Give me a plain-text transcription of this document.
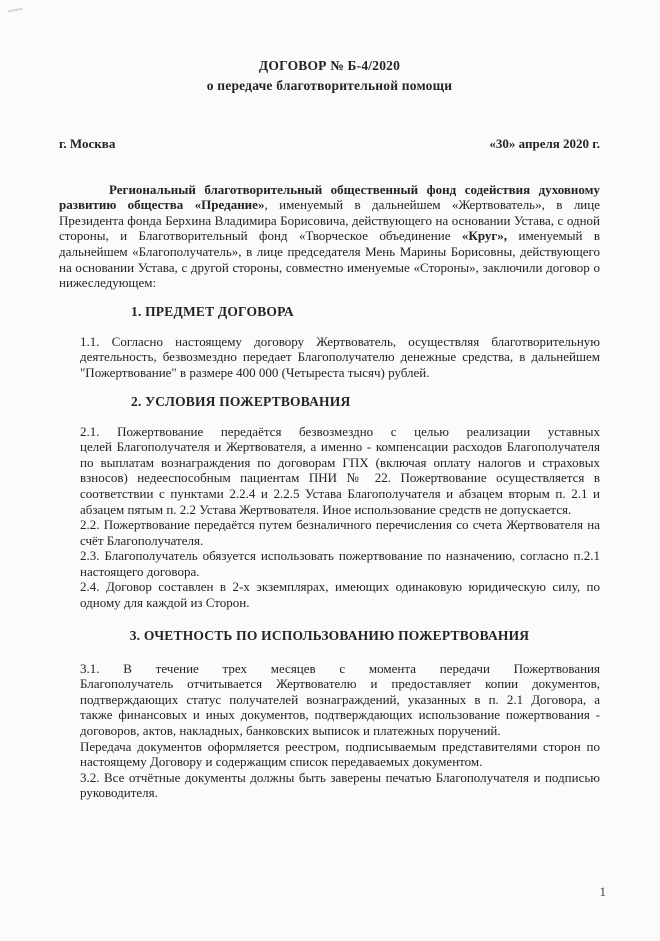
ДОГОВОР № Б-4/2020
о передаче благотворительной помощи
г. Москва	«30» апреля 2020 г.
Региональный благотворительный общественный фонд содействия духовному развитию общества «Предание», именуемый в дальнейшем «Жертвователь», в лице Президента фонда Берхина Владимира Борисовича, действующего на основании Устава, с одной стороны, и Благотворительный фонд «Творческое объединение «Круг», именуемый в дальнейшем «Благополучатель», в лице председателя Мень Марины Борисовны, действующего на основании Устава, с другой стороны, совместно именуемые «Стороны», заключили договор о нижеследующем:
1. ПРЕДМЕТ ДОГОВОРА
1.1. Согласно настоящему договору Жертвователь, осуществляя благотворительную деятельность, безвозмездно передает Благополучателю денежные средства, в дальнейшем "Пожертвование" в размере 400 000 (Четыреста тысяч) рублей.
2. УСЛОВИЯ ПОЖЕРТВОВАНИЯ
2.1. Пожертвование передаётся безвозмездно с целью реализации уставных целей Благополучателя и Жертвователя, а именно - компенсации расходов Благополучателя по выплатам вознаграждения по договорам ГПХ (включая оплату налогов и страховых взносов) недееспособным пациентам ПНИ № 22. Пожертвование осуществляется в соответствии с пунктами 2.2.4 и 2.2.5 Устава Благополучателя и абзацем вторым п. 2.1 и абзацем пятым п. 2.2 Устава Жертвователя. Иное использование средств не допускается.
2.2. Пожертвование передаётся путем безналичного перечисления со счета Жертвователя на счёт Благополучателя.
2.3. Благополучатель обязуется использовать пожертвование по назначению, согласно п.2.1 настоящего договора.
2.4. Договор составлен в 2-х экземплярах, имеющих одинаковую юридическую силу, по одному для каждой из Сторон.
3. ОЧЕТНОСТЬ ПО ИСПОЛЬЗОВАНИЮ ПОЖЕРТВОВАНИЯ
3.1. В течение трех месяцев с момента передачи Пожертвования Благополучатель отчитывается Жертвователю и предоставляет копии документов, подтверждающих статус получателей вознаграждений, указанных в п. 2.1 Договора, а также финансовых и иных документов, подтверждающих использование пожертвования - договоров, актов, накладных, банковских выписок и платежных поручений.
Передача документов оформляется реестром, подписываемым представителями сторон по настоящему Договору и содержащим список передаваемых документом.
3.2. Все отчётные документы должны быть заверены печатью Благополучателя и подписью руководителя.
1
